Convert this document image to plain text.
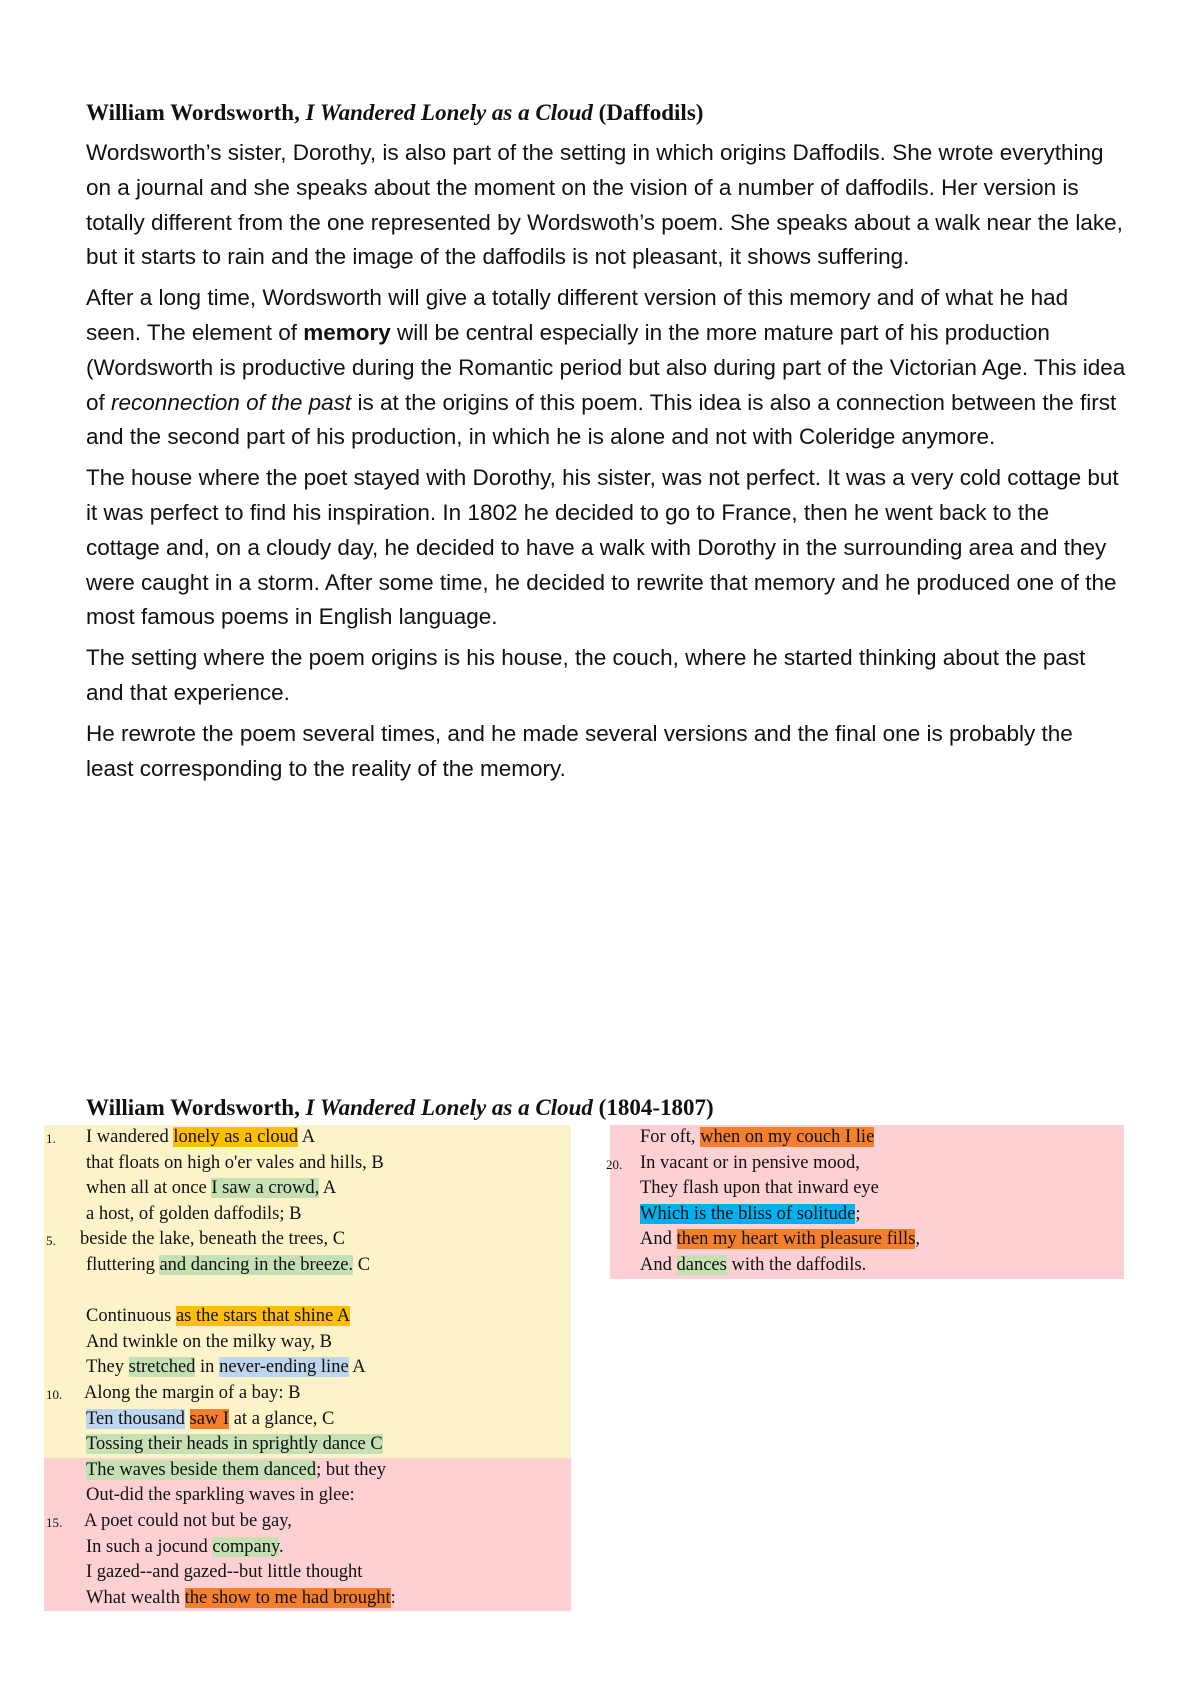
William Wordsworth, I Wandered Lonely as a Cloud (Daffodils)

Wordsworth’s sister, Dorothy, is also part of the setting in which origins Daffodils. She wrote everything on a journal and she speaks about the moment on the vision of a number of daffodils. Her version is totally different from the one represented by Wordswoth’s poem. She speaks about a walk near the lake, but it starts to rain and the image of the daffodils is not pleasant, it shows suffering.

After a long time, Wordsworth will give a totally different version of this memory and of what he had seen. The element of memory will be central especially in the more mature part of his production (Wordsworth is productive during the Romantic period but also during part of the Victorian Age. This idea of reconnection of the past is at the origins of this poem. This idea is also a connection between the first and the second part of his production, in which he is alone and not with Coleridge anymore.

The house where the poet stayed with Dorothy, his sister, was not perfect. It was a very cold cottage but it was perfect to find his inspiration. In 1802 he decided to go to France, then he went back to the cottage and, on a cloudy day, he decided to have a walk with Dorothy in the surrounding area and they were caught in a storm. After some time, he decided to rewrite that memory and he produced one of the most famous poems in English language.

The setting where the poem origins is his house, the couch, where he started thinking about the past and that experience.

He rewrote the poem several times, and he made several versions and the final one is probably the least corresponding to the reality of the memory.

William Wordsworth, I Wandered Lonely as a Cloud (1804-1807)
1. I wandered lonely as a cloud A
that floats on high o'er vales and hills, B
when all at once I saw a crowd, A
a host, of golden daffodils; B
5. beside the lake, beneath the trees, C
fluttering and dancing in the breeze. C
Continuous as the stars that shine A
And twinkle on the milky way, B
They stretched in never-ending line A
10. Along the margin of a bay: B
Ten thousand saw I at a glance, C
Tossing their heads in sprightly dance C
The waves beside them danced; but they
Out-did the sparkling waves in glee:
15. A poet could not but be gay,
In such a jocund company.
I gazed--and gazed--but little thought
What wealth the show to me had brought:
For oft, when on my couch I lie
20. In vacant or in pensive mood,
They flash upon that inward eye
Which is the bliss of solitude;
And then my heart with pleasure fills,
And dances with the daffodils.
